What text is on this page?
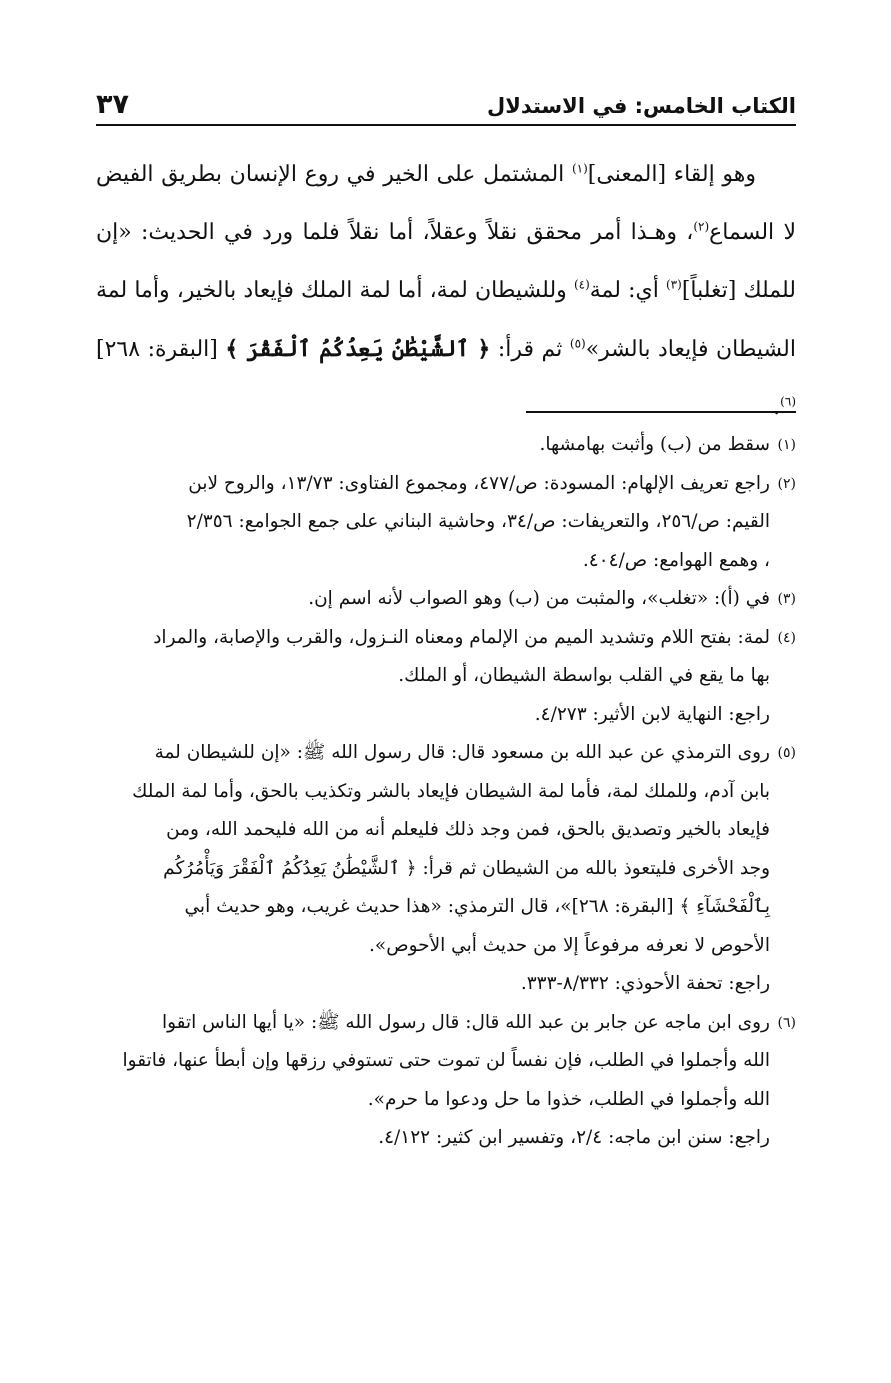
الكتاب الخامس: في الاستدلال
٣٧

وهو إلقاء [المعنى]$^{(١)}$ المشتمل على الخير في روع الإنسان بطريق الفيض لا السماع$^{(٢)}$، وهـذا أمر محقق نقلاً وعقلاً، أما نقلاً فلما ورد في الحديث: «إن للملك [تغلباً]$^{(٣)}$ أي: لمة$^{(٤)}$ وللشيطان لمة، أما لمة الملك فإيعاد بالخير، وأما لمة الشيطان فإيعاد بالشر»$^{(٥)}$ ثم قرأ: ﴿ ٱلشَّيْطَٰنُ يَعِدُكُمُ ٱلْفَقْرَ ﴾ [البقرة: ٢٦٨]$^{(٦)}$.

(١)
سقط من (ب) وأثبت بهامشها.
(٢)
راجع تعريف الإلهام: المسودة: ص/٤٧٧، ومجموع الفتاوى: ١٣/٧٣، والروح لابن
القيم: ص/٢٥٦، والتعريفات: ص/٣٤، وحاشية البناني على جمع الجوامع: ٢/٣٥٦
، وهمع الهوامع: ص/٤٠٤.
(٣)
في (أ): «تغلب»، والمثبت من (ب) وهو الصواب لأنه اسم إن.
(٤)
لمة: بفتح اللام وتشديد الميم من الإلمام ومعناه النـزول، والقرب والإصابة، والمراد
بها ما يقع في القلب بواسطة الشيطان، أو الملك.
راجع: النهاية لابن الأثير: ٤/٢٧٣.
(٥)
روى الترمذي عن عبد الله بن مسعود قال: قال رسول الله ﷺ: «إن للشيطان لمة
بابن آدم، وللملك لمة، فأما لمة الشيطان فإيعاد بالشر وتكذيب بالحق، وأما لمة الملك
فإيعاد بالخير وتصديق بالحق، فمن وجد ذلك فليعلم أنه من الله فليحمد الله، ومن
وجد الأخرى فليتعوذ بالله من الشيطان ثم قرأ: ﴿ ٱلشَّيْطَٰنُ يَعِدُكُمُ ٱلْفَقْرَ وَيَأْمُرُكُم
بِٱلْفَحْشَآءِ ﴾ [البقرة: ٢٦٨]»، قال الترمذي: «هذا حديث غريب، وهو حديث أبي
الأحوص لا نعرفه مرفوعاً إلا من حديث أبي الأحوص».
راجع: تحفة الأحوذي: ٨/٣٣٢-٣٣٣.
(٦)
روى ابن ماجه عن جابر بن عبد الله قال: قال رسول الله ﷺ: «يا أيها الناس اتقوا
الله وأجملوا في الطلب، فإن نفساً لن تموت حتى تستوفي رزقها وإن أبطأ عنها، فاتقوا
الله وأجملوا في الطلب، خذوا ما حل ودعوا ما حرم».
راجع: سنن ابن ماجه: ٢/٤، وتفسير ابن كثير: ٤/١٢٢.
